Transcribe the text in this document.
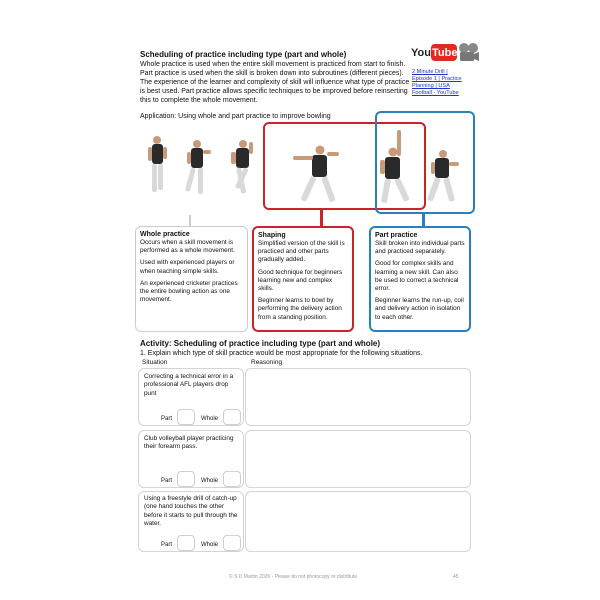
Scheduling of practice including type (part and whole)
Whole practice is used when the entire skill movement is practiced from start to finish. Part practice is used when the skill is broken down into subroutines (different pieces). The experience of the learner and complexity of skill will influence what type of practice is best used. Part practice allows specific techniques to be improved before reinserting this to complete the whole movement.
You Tube
2 Minute Drill |
Episode 1 | Practice
Planning | USA
Football - YouTube
Application: Using whole and part practice to improve bowling
Whole practice

Occurs when a skill movement is performed as a whole movement.

Used with experienced players or when teaching simple skills.

An experienced cricketer practices the entire bowling action as one movement.

Shaping

Simplified version of the skill is practiced and other parts gradually added.

Good technique for beginners learning new and complex skills.

Beginner learns to bowl by performing the delivery action from a standing position.

Part practice

Skill broken into individual parts and practiced separately.

Good for complex skills and learning a new skill. Can also be used to correct a technical error.

Beginner learns the run-up, coil and delivery action in isolation to each other.

Activity: Scheduling of practice including type (part and whole)
1. Explain which type of skill practice would be most appropriate for the following situations.
Situation	Reasoning
Correcting a technical error in a professional AFL players drop punt
Part	Whole
Club volleyball player practicing their forearm pass.
Part	Whole
Using a freestyle drill of catch-up (one hand touches the other before it starts to pull through the water.
Part	Whole
© S D Martin 2026 - Please do not photocopy or distribute	45
